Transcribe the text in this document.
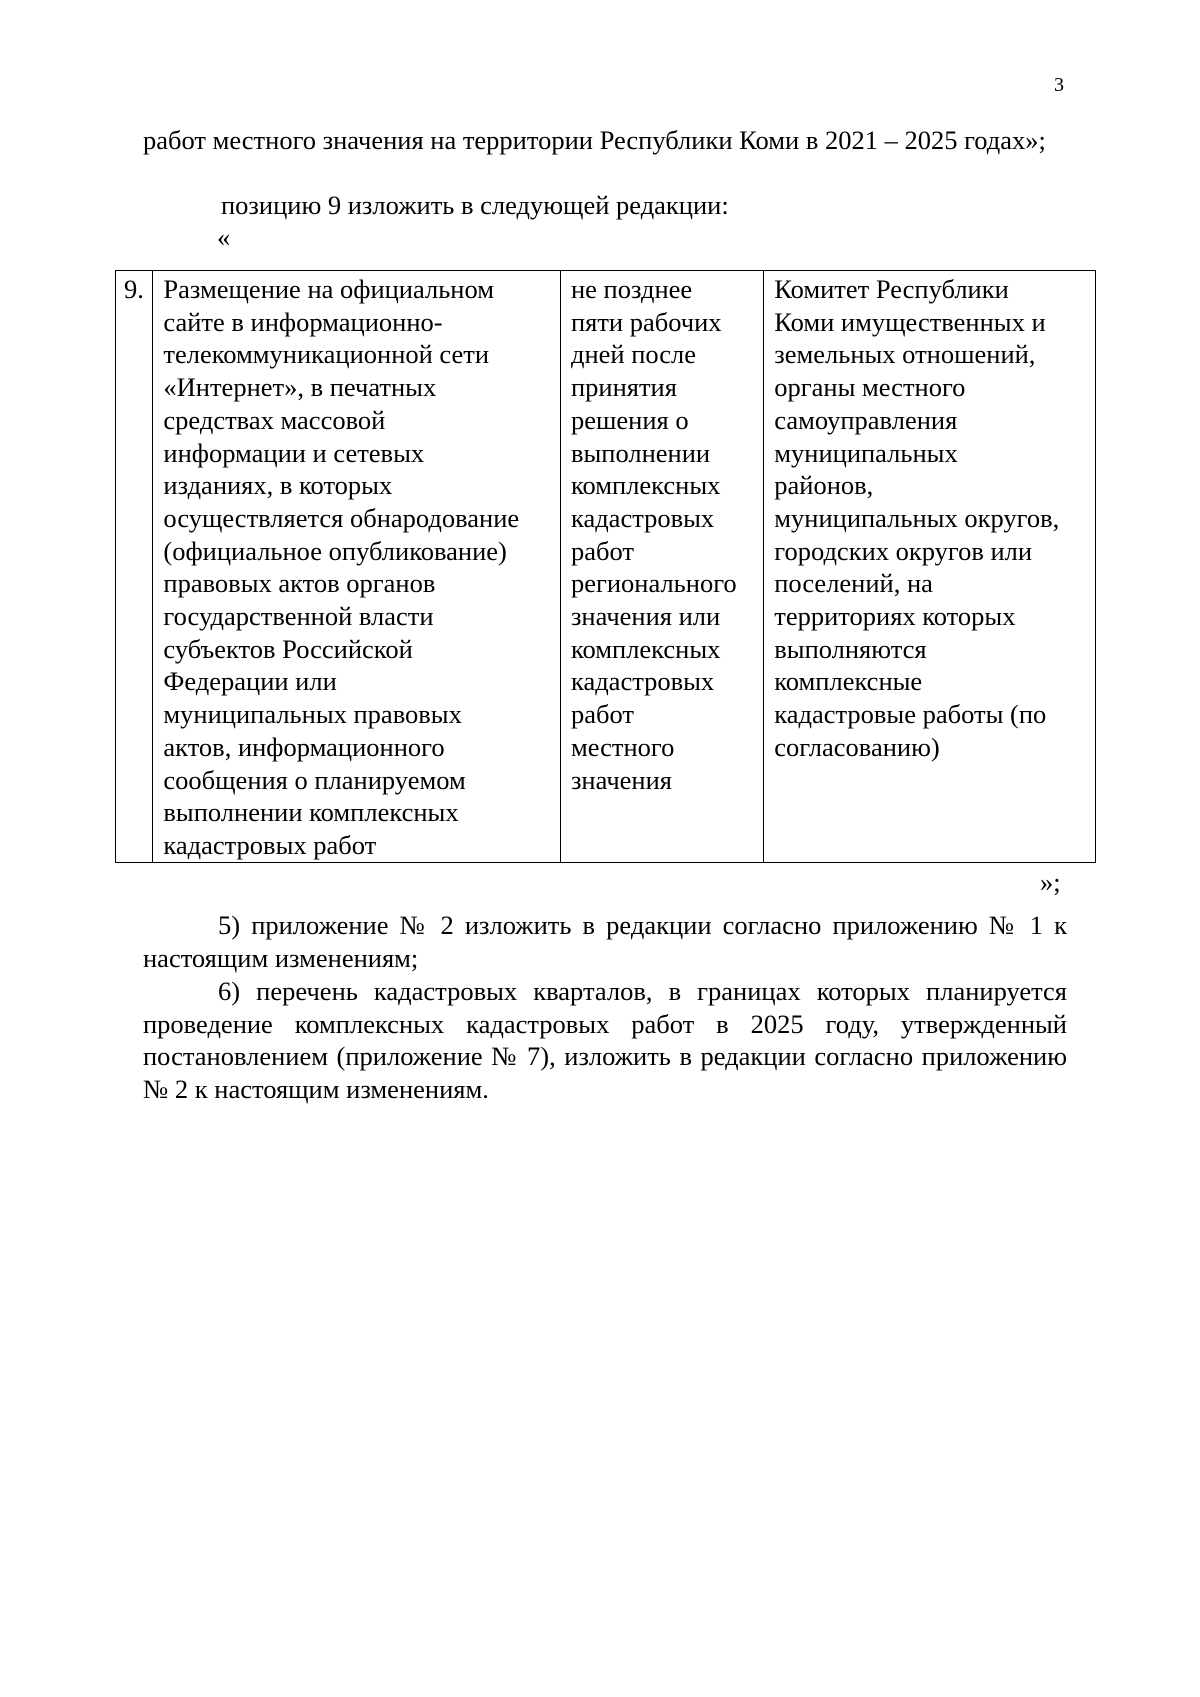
3

работ местного значения на территории Республики Коми в 2021 – 2025 годах»;

позицию 9 изложить в следующей редакции:
«
9.	Размещение на официальном
сайте в информационно-
телекоммуникационной сети
«Интернет», в печатных
средствах массовой
информации и сетевых
изданиях, в которых
осуществляется обнародование
(официальное опубликование)
правовых актов органов
государственной власти
субъектов Российской
Федерации или
муниципальных правовых
актов, информационного
сообщения о планируемом
выполнении комплексных
кадастровых работ	не позднее
пяти рабочих
дней после
принятия
решения о
выполнении
комплексных
кадастровых
работ
регионального
значения или
комплексных
кадастровых
работ
местного
значения	Комитет Республики
Коми имущественных и
земельных отношений,
органы местного
самоуправления
муниципальных
районов,
муниципальных округов,
городских округов или
поселений, на
территориях которых
выполняются
комплексные
кадастровые работы (по
согласованию)
»;

5) приложение № 2 изложить в редакции согласно приложению № 1 к настоящим изменениям;

6) перечень кадастровых кварталов, в границах которых планируется проведение комплексных кадастровых работ в 2025 году, утвержденный постановлением (приложение № 7), изложить в редакции согласно приложению № 2 к настоящим изменениям.
